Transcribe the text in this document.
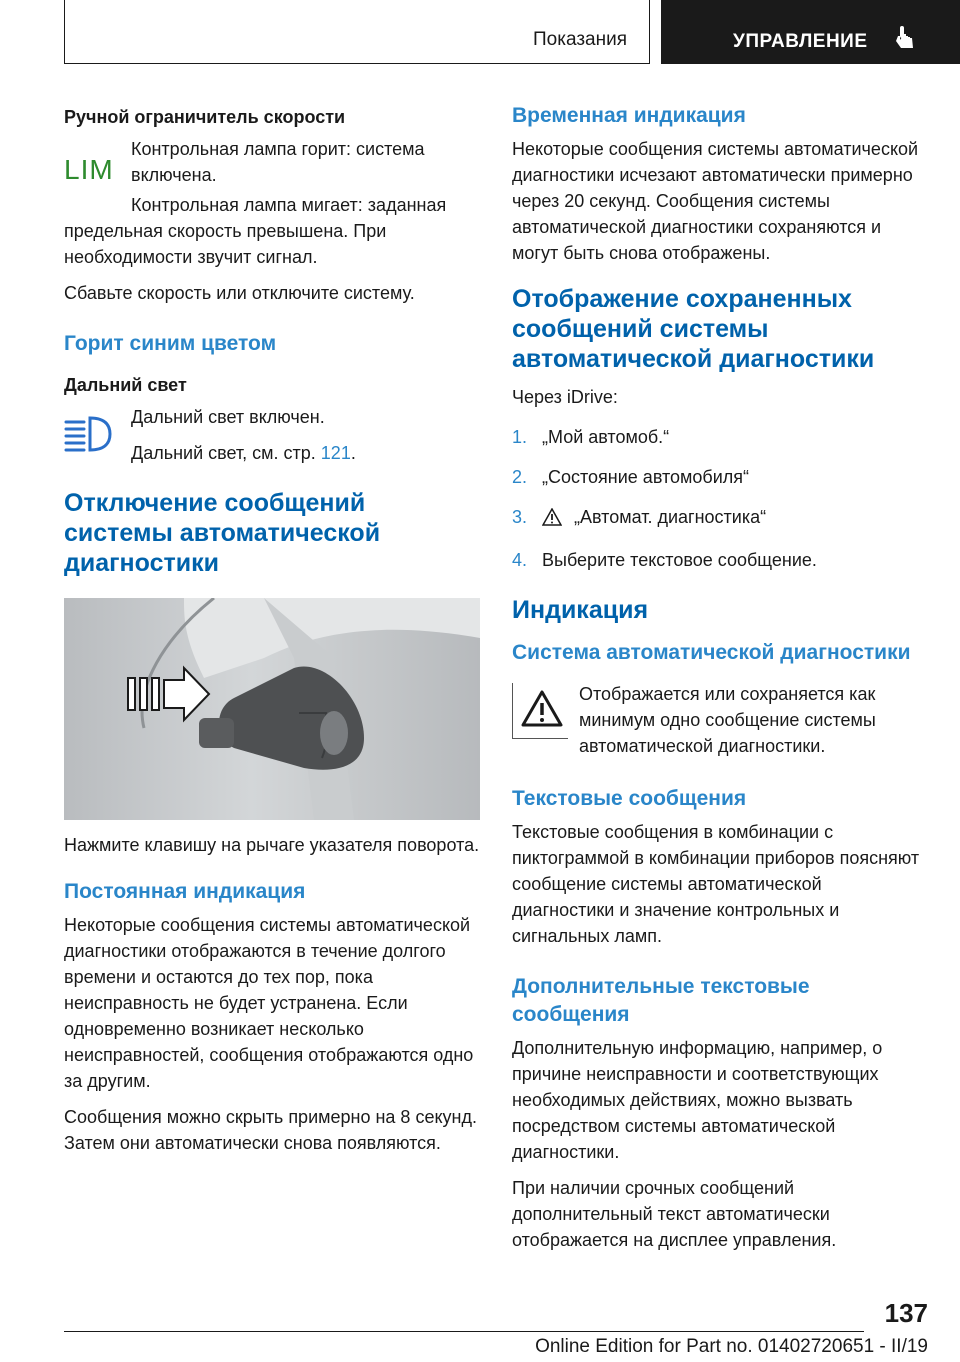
Показания	УПРАВЛЕНИЕ
Ручной ограничитель скорости
LIM

Контрольная лампа горит: система включена.

Контрольная лампа мигает: заданная предельная скорость превышена. При необходимости звучит сигнал.

Сбавьте скорость или отключите систему.

Горит синим цветом
Дальний свет

Дальний свет включен.

Дальний свет, см. стр. 121.

Отключение сообщений системы автоматической диагностики

Нажмите клавишу на рычаге указателя поворота.

Постоянная индикация

Некоторые сообщения системы автоматической диагностики отображаются в течение долгого времени и остаются до тех пор, пока неисправность не будет устранена. Если одновременно возникает несколько неисправностей, сообщения отображаются одно за другим.

Сообщения можно скрыть примерно на 8 секунд. Затем они автоматически снова появляются.

Временная индикация

Некоторые сообщения системы автоматической диагностики исчезают автоматически примерно через 20 секунд. Сообщения системы автоматической диагностики сохраняются и могут быть снова отображены.

Отображение сохраненных сообщений системы автоматической диагностики

Через iDrive:

1. „Мой автомоб.“
2. „Состояние автомобиля“
3.	„Автомат. диагностика“
4. Выберите текстовое сообщение.
Индикация
Система автоматической диагностики

Отображается или сохраняется как минимум одно сообщение системы автоматической диагностики.

Текстовые сообщения

Текстовые сообщения в комбинации с пиктограммой в комбинации приборов поясняют сообщение системы автоматической диагностики и значение контрольных и сигнальных ламп.

Дополнительные текстовые сообщения

Дополнительную информацию, например, о причине неисправности и соответствующих необходимых действиях, можно вызвать посредством системы автоматической диагностики.

При наличии срочных сообщений дополнительный текст автоматически отображается на дисплее управления.

137
Online Edition for Part no. 01402720651 - II/19
